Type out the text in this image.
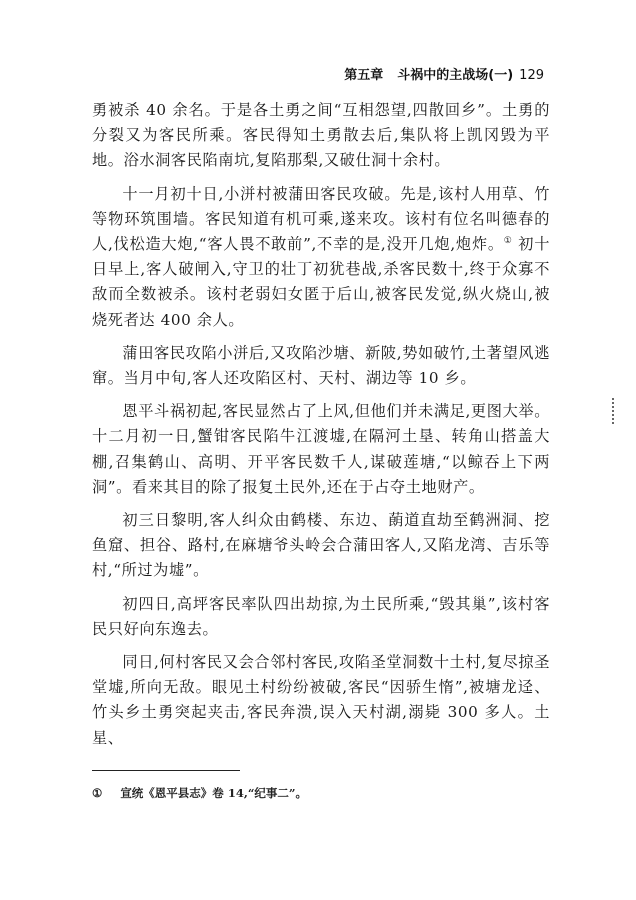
第五章 斗祸中的主战场(一) 129

勇被杀 40 余名。于是各土勇之间“互相怨望,四散回乡”。土勇的分裂又为客民所乘。客民得知土勇散去后,集队将上凯冈毁为平地。浴水洞客民陷南坑,复陷那梨,又破仕洞十余村。

十一月初十日,小洴村被蒲田客民攻破。先是,该村人用草、竹等物环筑围墙。客民知道有机可乘,遂来攻。该村有位名叫德春的人,伐松造大炮,“客人畏不敢前”,不幸的是,没开几炮,炮炸。① 初十日早上,客人破闸入,守卫的壮丁初犹巷战,杀客民数十,终于众寡不敌而全数被杀。该村老弱妇女匿于后山,被客民发觉,纵火烧山,被烧死者达 400 余人。

蒲田客民攻陷小洴后,又攻陷沙塘、新陂,势如破竹,土著望风逃窜。当月中旬,客人还攻陷区村、天村、湖边等 10 乡。

恩平斗祸初起,客民显然占了上风,但他们并未满足,更图大举。十二月初一日,蟹钳客民陷牛江渡墟,在隔河土垦、转角山搭盖大棚,召集鹤山、高明、开平客民数千人,谋破莲塘,“以鲸吞上下两洞”。看来其目的除了报复土民外,还在于占夺土地财产。

初三日黎明,客人纠众由鹤楼、东边、蓢道直劫至鹤洲洞、挖鱼窟、担谷、路村,在麻塘爷头岭会合蒲田客人,又陷龙湾、吉乐等村,“所过为墟”。

初四日,高坪客民率队四出劫掠,为土民所乘,“毁其巢”,该村客民只好向东逸去。

同日,何村客民又会合邻村客民,攻陷圣堂洞数十土村,复尽掠圣堂墟,所向无敌。眼见土村纷纷被破,客民“因骄生惰”,被塘龙迳、竹头乡土勇突起夹击,客民奔溃,误入天村湖,溺毙 300 多人。土星、

① 宣统《恩平县志》卷 14,“纪事二”。
